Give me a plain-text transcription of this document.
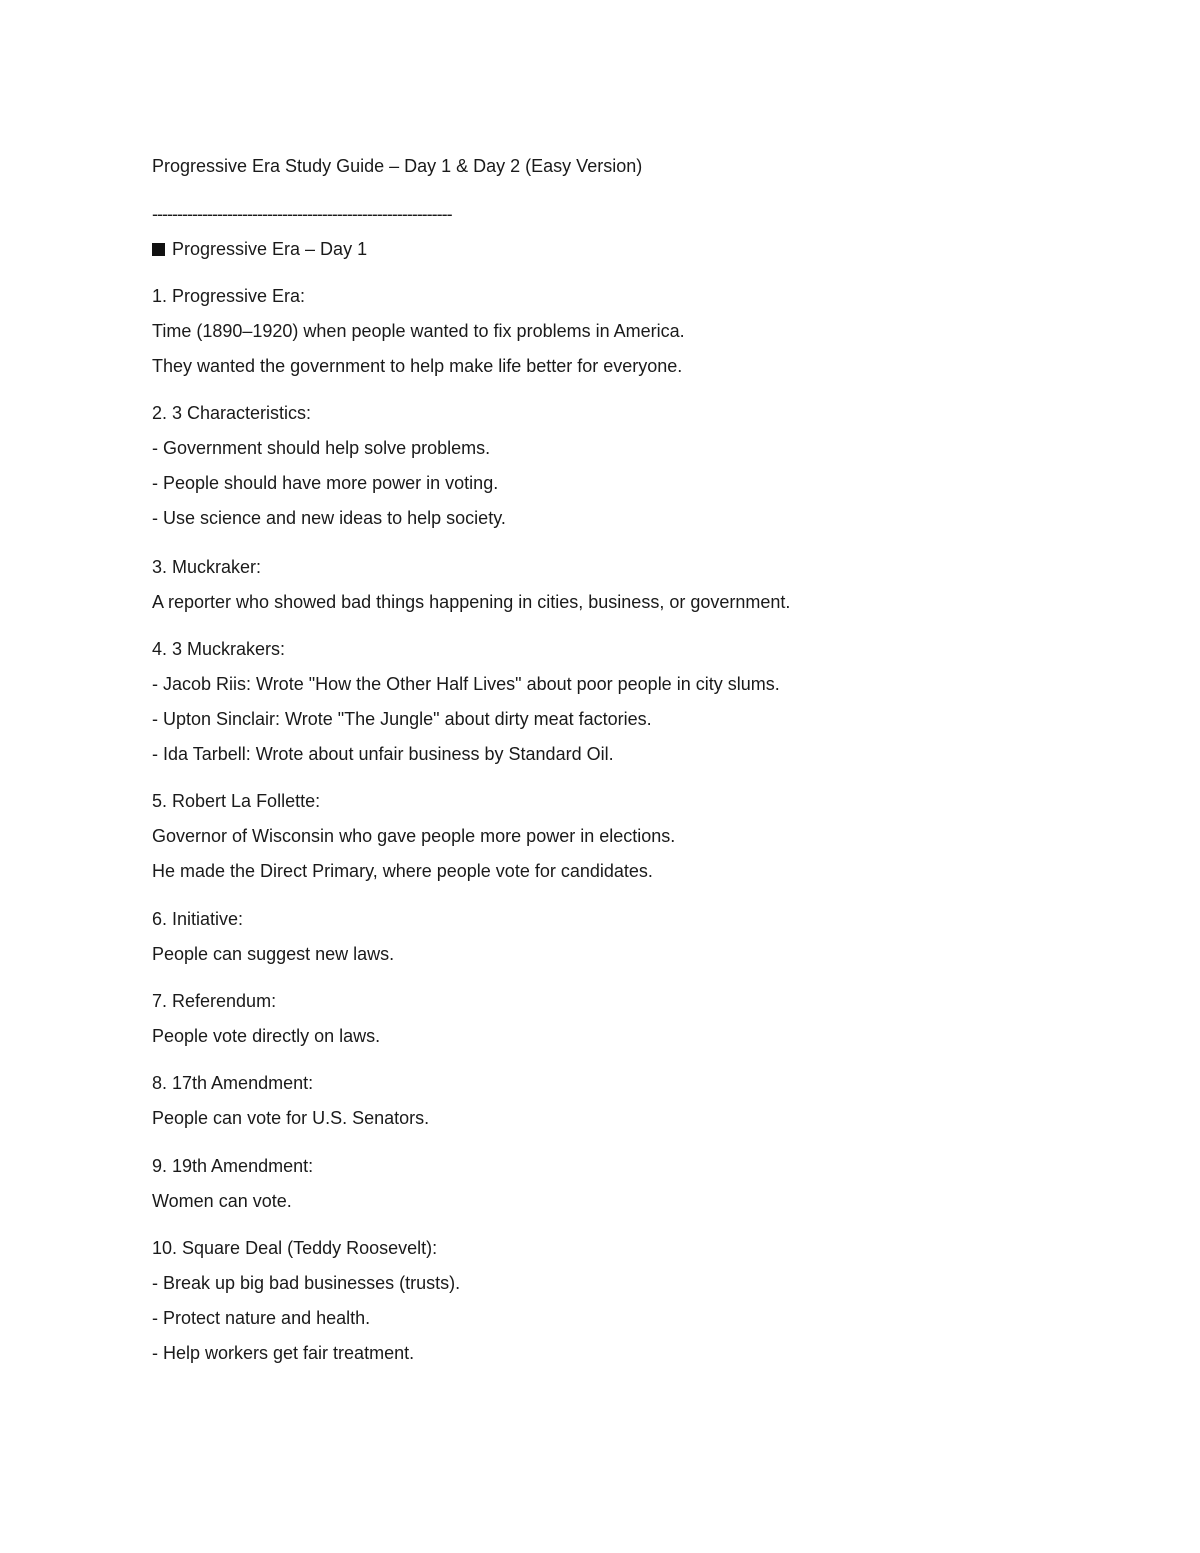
Progressive Era Study Guide – Day 1 & Day 2 (Easy Version)

------------------------------------------------------------

Progressive Era – Day 1

1. Progressive Era:

Time (1890–1920) when people wanted to fix problems in America.

They wanted the government to help make life better for everyone.

2. 3 Characteristics:

- Government should help solve problems.

- People should have more power in voting.

- Use science and new ideas to help society.

3. Muckraker:

A reporter who showed bad things happening in cities, business, or government.

4. 3 Muckrakers:

- Jacob Riis: Wrote "How the Other Half Lives" about poor people in city slums.

- Upton Sinclair: Wrote "The Jungle" about dirty meat factories.

- Ida Tarbell: Wrote about unfair business by Standard Oil.

5. Robert La Follette:

Governor of Wisconsin who gave people more power in elections.

He made the Direct Primary, where people vote for candidates.

6. Initiative:

People can suggest new laws.

7. Referendum:

People vote directly on laws.

8. 17th Amendment:

People can vote for U.S. Senators.

9. 19th Amendment:

Women can vote.

10. Square Deal (Teddy Roosevelt):

- Break up big bad businesses (trusts).

- Protect nature and health.

- Help workers get fair treatment.
